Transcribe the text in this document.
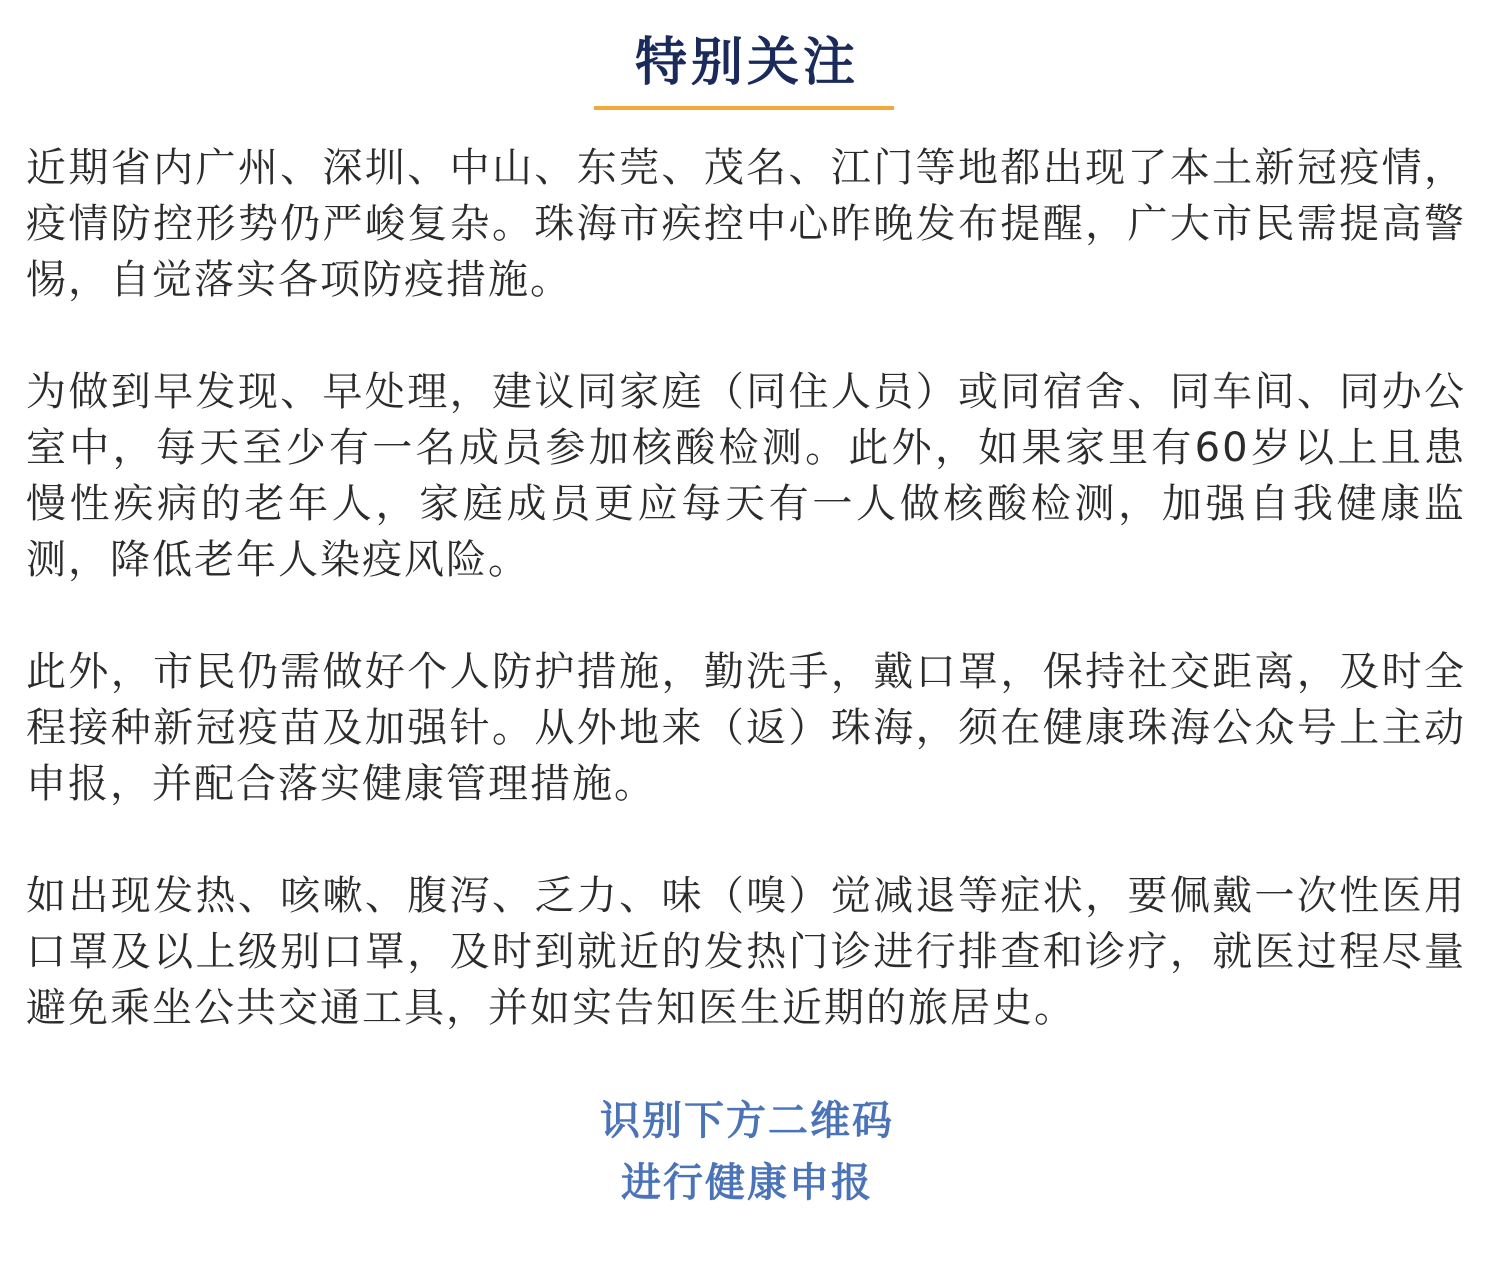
特别关注

近期省内广州、深圳、中山、东莞、茂名、江门等地都出现了本土新冠疫情，疫情防控形势仍严峻复杂。珠海市疾控中心昨晚发布提醒，广大市民需提高警惕，自觉落实各项防疫措施。

为做到早发现、早处理，建议同家庭（同住人员）或同宿舍、同车间、同办公室中，每天至少有一名成员参加核酸检测。此外，如果家里有60岁以上且患慢性疾病的老年人，家庭成员更应每天有一人做核酸检测，加强自我健康监测，降低老年人染疫风险。

此外，市民仍需做好个人防护措施，勤洗手，戴口罩，保持社交距离，及时全程接种新冠疫苗及加强针。从外地来（返）珠海，须在健康珠海公众号上主动申报，并配合落实健康管理措施。

如出现发热、咳嗽、腹泻、乏力、味（嗅）觉减退等症状，要佩戴一次性医用口罩及以上级别口罩，及时到就近的发热门诊进行排查和诊疗，就医过程尽量避免乘坐公共交通工具，并如实告知医生近期的旅居史。

识别下方二维码
进行健康申报
